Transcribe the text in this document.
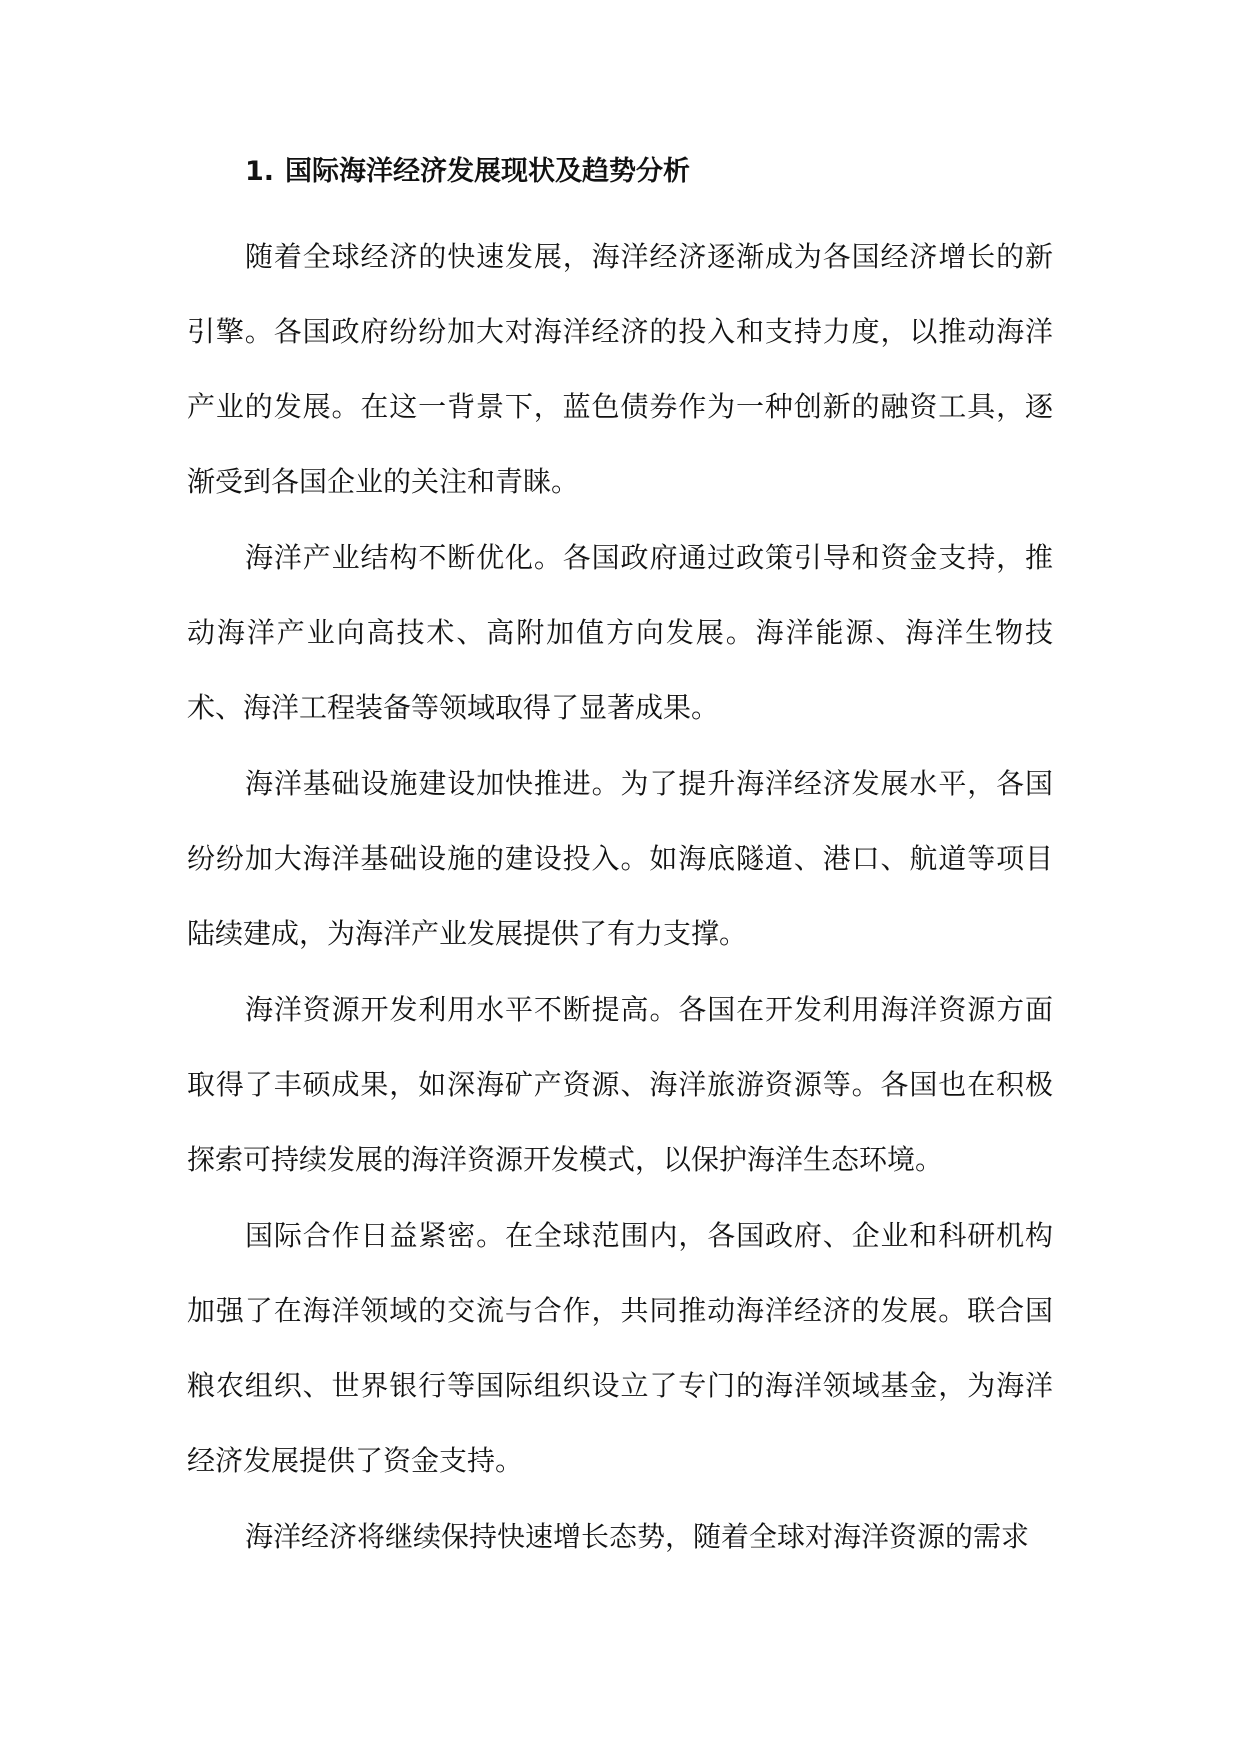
1. 国际海洋经济发展现状及趋势分析

随着全球经济的快速发展，海洋经济逐渐成为各国经济增长的新引擎。各国政府纷纷加大对海洋经济的投入和支持力度，以推动海洋产业的发展。在这一背景下，蓝色债券作为一种创新的融资工具，逐渐受到各国企业的关注和青睐。

海洋产业结构不断优化。各国政府通过政策引导和资金支持，推动海洋产业向高技术、高附加值方向发展。海洋能源、海洋生物技术、海洋工程装备等领域取得了显著成果。

海洋基础设施建设加快推进。为了提升海洋经济发展水平，各国纷纷加大海洋基础设施的建设投入。如海底隧道、港口、航道等项目陆续建成，为海洋产业发展提供了有力支撑。

海洋资源开发利用水平不断提高。各国在开发利用海洋资源方面取得了丰硕成果，如深海矿产资源、海洋旅游资源等。各国也在积极探索可持续发展的海洋资源开发模式，以保护海洋生态环境。

国际合作日益紧密。在全球范围内，各国政府、企业和科研机构加强了在海洋领域的交流与合作，共同推动海洋经济的发展。联合国粮农组织、世界银行等国际组织设立了专门的海洋领域基金，为海洋经济发展提供了资金支持。

海洋经济将继续保持快速增长态势，随着全球对海洋资源的需求
